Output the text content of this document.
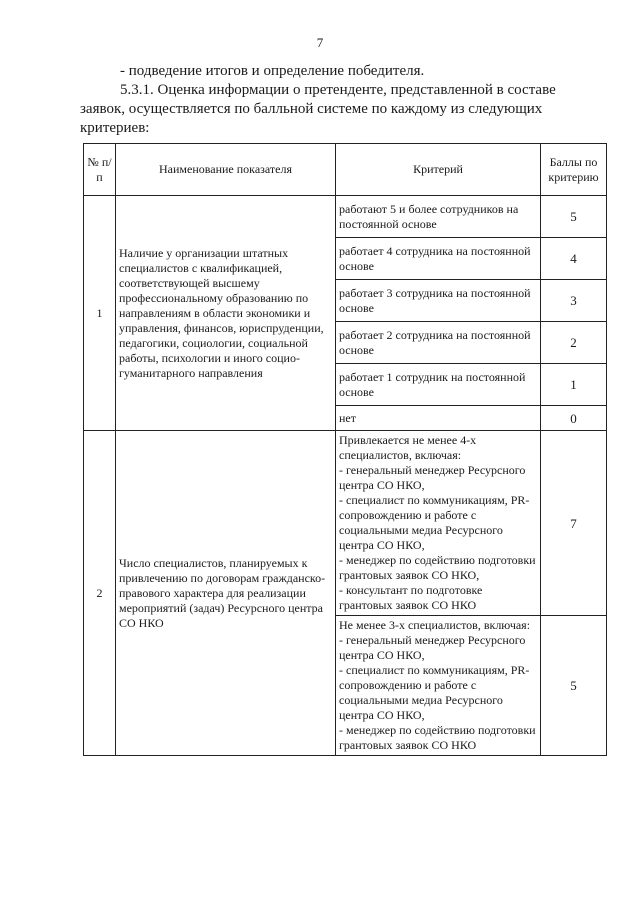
7
- подведение итогов и определение победителя.
5.3.1. Оценка информации о претенденте, представленной в составе
заявок, осуществляется по балльной системе по каждому из следующих
критериев:
№ п/п	Наименование показателя	Критерий	Баллы по критерию
1	Наличие у организации штатных специалистов с квалификацией, соответствующей высшему профессиональному образованию по направлениям в области экономики и управления, финансов, юриспруденции, педагогики, социологии, социальной работы, психологии и иного социо-гуманитарного направления	работают 5 и более сотрудников на постоянной основе	5
		работает 4 сотрудника на постоянной основе	4
		работает 3 сотрудника на постоянной основе	3
		работает 2 сотрудника на постоянной основе	2
		работает 1 сотрудник на постоянной основе	1
		нет	0
2	Число специалистов, планируемых к привлечению по договорам гражданско-правового характера для реализации мероприятий (задач) Ресурсного центра СО НКО	Привлекается не менее 4-х специалистов, включая:
- генеральный менеджер Ресурсного центра СО НКО,
- специалист по коммуникациям, PR-сопровождению и работе с социальными медиа Ресурсного центра СО НКО,
- менеджер по содействию подготовки грантовых заявок СО НКО,
- консультант по подготовке грантовых заявок СО НКО	7

		Не менее 3-х специалистов, включая:
- генеральный менеджер Ресурсного центра СО НКО,
- специалист по коммуникациям, PR-сопровождению и работе с социальными медиа Ресурсного центра СО НКО,
- менеджер по содействию подготовки грантовых заявок СО НКО	5
